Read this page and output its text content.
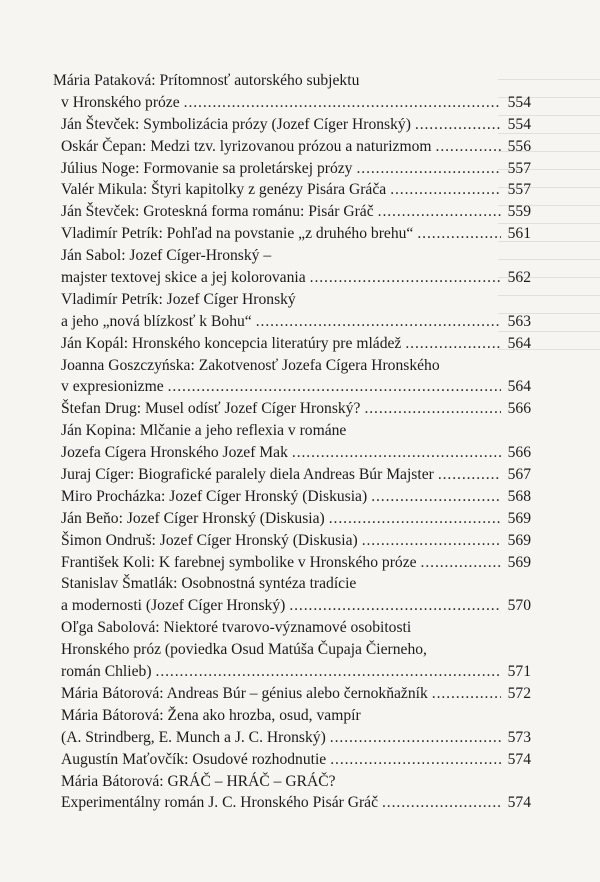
Mária Pataková: Prítomnosť autorského subjektu
v Hronského próze . . .	554
Ján Števček: Symbolizácia prózy (Jozef Cíger Hronský) . . .	554
Oskár Čepan: Medzi tzv. lyrizovanou prózou a naturizmom . . .	556
Július Noge: Formovanie sa proletárskej prózy . . .	557
Valér Mikula: Štyri kapitolky z genézy Pisára Gráča . . .	557
Ján Števček: Groteskná forma románu: Pisár Gráč . . .	559
Vladimír Petrík: Pohľad na povstanie „z druhého brehu“ . . .	561
Ján Sabol: Jozef Cíger-Hronský –
majster textovej skice a jej kolorovania . . .	562
Vladimír Petrík: Jozef Cíger Hronský
a jeho „nová blízkosť k Bohu“ . . .	563
Ján Kopál: Hronského koncepcia literatúry pre mládež . . .	564
Joanna Goszczyńska: Zakotvenosť Jozefa Cígera Hronského
v expresionizme . . .	564
Štefan Drug: Musel odísť Jozef Cíger Hronský? . . .	566
Ján Kopina: Mlčanie a jeho reflexia v románe
Jozefa Cígera Hronského Jozef Mak . . .	566
Juraj Cíger: Biografické paralely diela Andreas Búr Majster . . .	567
Miro Procházka: Jozef Cíger Hronský (Diskusia) . . .	568
Ján Beňo: Jozef Cíger Hronský (Diskusia) . . .	569
Šimon Ondruš: Jozef Cíger Hronský (Diskusia) . . .	569
František Koli: K farebnej symbolike v Hronského próze . . .	569
Stanislav Šmatlák: Osobnostná syntéza tradície
a modernosti (Jozef Cíger Hronský) . . .	570
Oľga Sabolová: Niektoré tvarovo-významové osobitosti
Hronského próz (poviedka Osud Matúša Čupaja Čierneho,
román Chlieb) . . .	571
Mária Bátorová: Andreas Búr – génius alebo černokňažník . . .	572
Mária Bátorová: Žena ako hrozba, osud, vampír
(A. Strindberg, E. Munch a J. C. Hronský) . . .	573
Augustín Maťovčík: Osudové rozhodnutie . . .	574
Mária Bátorová: GRÁČ – HRÁČ – GRÁČ?
Experimentálny román J. C. Hronského Pisár Gráč . . .	574
